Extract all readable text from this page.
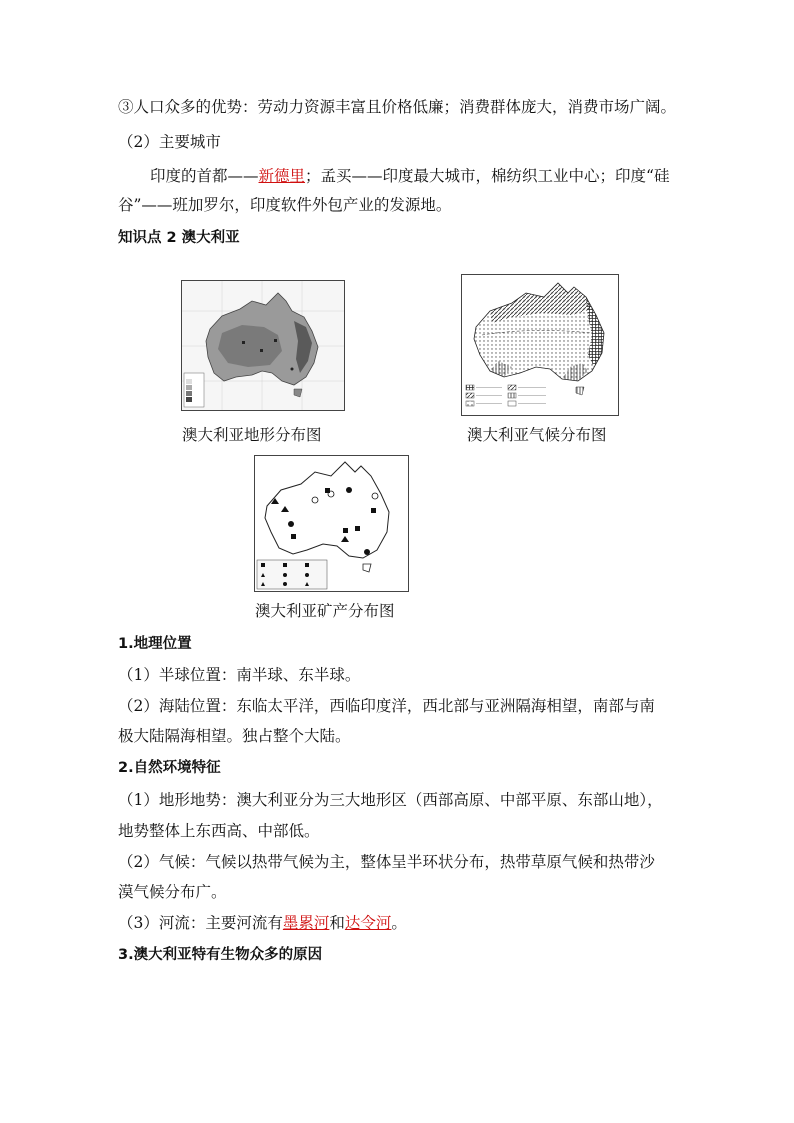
③人口众多的优势：劳动力资源丰富且价格低廉；消费群体庞大，消费市场广阔。
（2）主要城市
印度的首都——新德里；孟买——印度最大城市，棉纺织工业中心；印度“硅
谷”——班加罗尔，印度软件外包产业的发源地。
知识点 2 澳大利亚
澳大利亚地形分布图	澳大利亚气候分布图
澳大利亚矿产分布图
1.地理位置
（1）半球位置：南半球、东半球。
（2）海陆位置：东临太平洋，西临印度洋，西北部与亚洲隔海相望，南部与南
极大陆隔海相望。独占整个大陆。
2.自然环境特征
（1）地形地势：澳大利亚分为三大地形区（西部高原、中部平原、东部山地），
地势整体上东西高、中部低。
（2）气候：气候以热带气候为主，整体呈半环状分布，热带草原气候和热带沙
漠气候分布广。
（3）河流：主要河流有墨累河和达令河。
3.澳大利亚特有生物众多的原因
